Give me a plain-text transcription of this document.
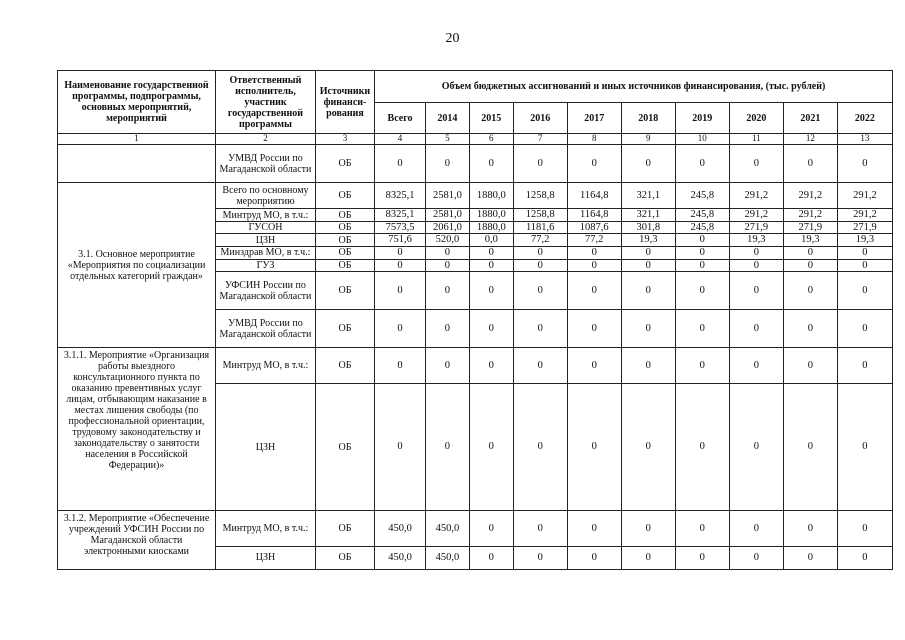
20
Наименование государственной программы, подпрограммы, основных мероприятий, мероприятий	Ответственный исполнитель, участник государственной программы	Источники финанси-рования	Объем бюджетных ассигнований и иных источников финансирования, (тыс. рублей)									
			Всего	2014	2015	2016	2017	2018	2019	2020	2021	2022
1	2	3	4	5	6	7	8	9	10	11	12	13
	УМВД России по Магаданской области	ОБ	0	0	0	0	0	0	0	0	0	0
3.1. Основное мероприятие «Мероприятия по социализации отдельных категорий граждан»	Всего по основному мероприятию	ОБ	8325,1	2581,0	1880,0	1258,8	1164,8	321,1	245,8	291,2	291,2	291,2
	Минтруд МО, в т.ч.:	ОБ	8325,1	2581,0	1880,0	1258,8	1164,8	321,1	245,8	291,2	291,2	291,2
	ГУСОН	ОБ	7573,5	2061,0	1880,0	1181,6	1087,6	301,8	245,8	271,9	271,9	271,9
	ЦЗН	ОБ	751,6	520,0	0,0	77,2	77,2	19,3	0	19,3	19,3	19,3
	Минздрав МО, в т.ч.:	ОБ	0	0	0	0	0	0	0	0	0	0
	ГУЗ	ОБ	0	0	0	0	0	0	0	0	0	0
	УФСИН России по Магаданской области	ОБ	0	0	0	0	0	0	0	0	0	0
	УМВД России по Магаданской области	ОБ	0	0	0	0	0	0	0	0	0	0
3.1.1. Мероприятие «Организация работы выездного консультационного пункта по оказанию превентивных услуг лицам, отбывающим наказание в местах лишения свободы (по профессиональной ориентации, трудовому законодательству и законодательству о занятости населения в Российской Федерации)»	Минтруд МО, в т.ч.:	ОБ	0	0	0	0	0	0	0	0	0	0
	ЦЗН	ОБ	0	0	0	0	0	0	0	0	0	0
3.1.2. Мероприятие «Обеспечение учреждений УФСИН России по Магаданской области электронными киосками	Минтруд МО, в т.ч.:	ОБ	450,0	450,0	0	0	0	0	0	0	0	0
	ЦЗН	ОБ	450,0	450,0	0	0	0	0	0	0	0	0
